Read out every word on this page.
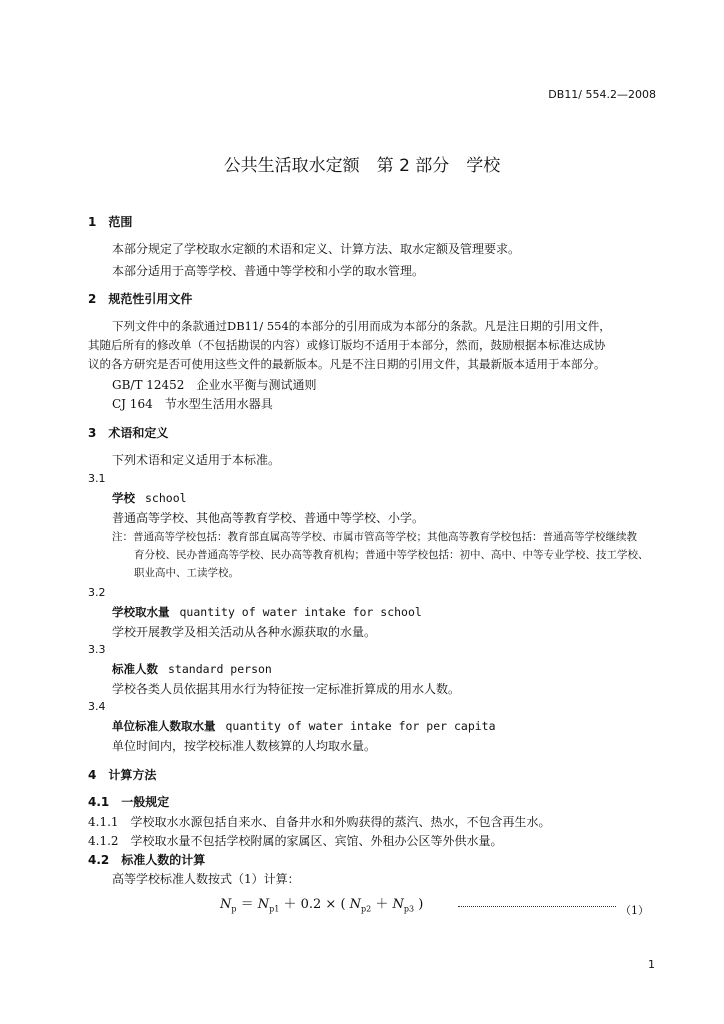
DB11/ 554.2—2008
公共生活取水定额　第 2 部分　学校
1　范围
本部分规定了学校取水定额的术语和定义、计算方法、取水定额及管理要求。
本部分适用于高等学校、普通中等学校和小学的取水管理。
2　规范性引用文件
下列文件中的条款通过DB11/ 554的本部分的引用而成为本部分的条款。凡是注日期的引用文件，
其随后所有的修改单（不包括勘误的内容）或修订版均不适用于本部分，然而，鼓励根据本标准达成协
议的各方研究是否可使用这些文件的最新版本。凡是不注日期的引用文件，其最新版本适用于本部分。
GB/T 12452　企业水平衡与测试通则
CJ 164　节水型生活用水器具
3　术语和定义
下列术语和定义适用于本标准。
3.1
学校 school
普通高等学校、其他高等教育学校、普通中等学校、小学。
注：普通高等学校包括：教育部直属高等学校、市属市管高等学校；其他高等教育学校包括：普通高等学校继续教
育分校、民办普通高等学校、民办高等教育机构；普通中等学校包括：初中、高中、中等专业学校、技工学校、
职业高中、工读学校。
3.2
学校取水量 quantity of water intake for school
学校开展教学及相关活动从各种水源获取的水量。
3.3
标准人数 standard person
学校各类人员依据其用水行为特征按一定标准折算成的用水人数。
3.4
单位标准人数取水量 quantity of water intake for per capita
单位时间内，按学校标准人数核算的人均取水量。
4　计算方法
4.1　一般规定
4.1.1　学校取水水源包括自来水、自备井水和外购获得的蒸汽、热水，不包含再生水。
4.1.2　学校取水量不包括学校附属的家属区、宾馆、外租办公区等外供水量。
4.2　标准人数的计算
高等学校标准人数按式（1）计算：
$N_p = N_{p1} + 0.2$ × ( $N_{p2} + N_{p3}$ )	（1）
1
